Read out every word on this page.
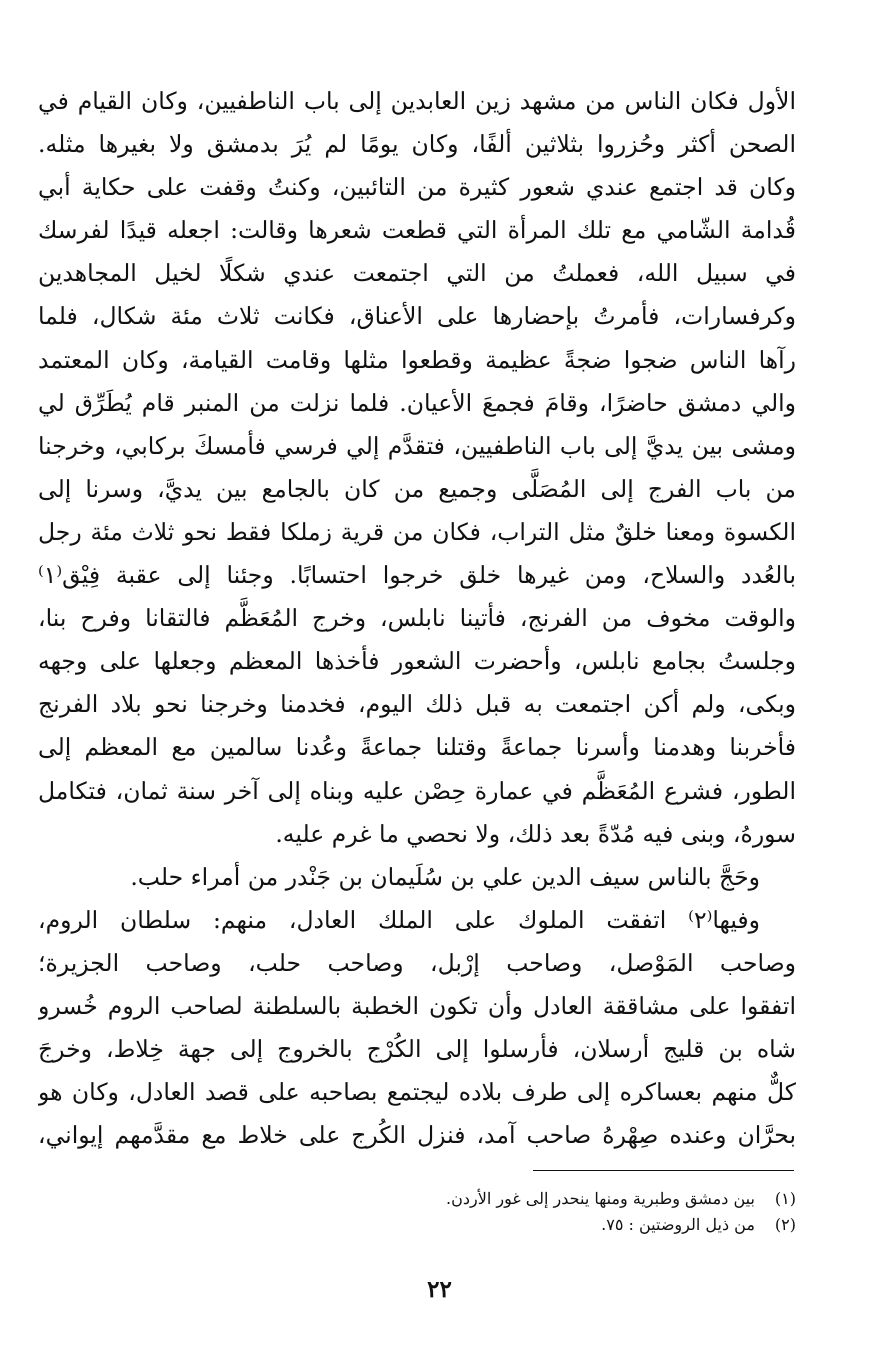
الأول فكان الناس من مشهد زين العابدين إلى باب الناطفيين، وكان القيام في
الصحن أكثر وحُزروا بثلاثين ألفًا، وكان يومًا لم يُرَ بدمشق ولا بغيرها مثله.
وكان قد اجتمع عندي شعور كثيرة من التائبين، وكنتُ وقفت على حكاية أبي
قُدامة الشّامي مع تلك المرأة التي قطعت شعرها وقالت: اجعله قيدًا لفرسك
في سبيل الله، فعملتُ من التي اجتمعت عندي شكلًا لخيل المجاهدين
وكرفسارات، فأمرتُ بإحضارها على الأعناق، فكانت ثلاث مئة شكال، فلما
رآها الناس ضجوا ضجةً عظيمة وقطعوا مثلها وقامت القيامة، وكان المعتمد
والي دمشق حاضرًا، وقامَ فجمعَ الأعيان. فلما نزلت من المنبر قام يُطَرِّق لي
ومشى بين يديَّ إلى باب الناطفيين، فتقدَّم إلي فرسي فأمسكَ بركابي، وخرجنا
من باب الفرج إلى المُصَلَّى وجميع من كان بالجامع بين يديَّ، وسرنا إلى
الكسوة ومعنا خلقٌ مثل التراب، فكان من قرية زملكا فقط نحو ثلاث مئة رجل
بالعُدد والسلاح، ومن غيرها خلق خرجوا احتسابًا. وجئنا إلى عقبة فِيْق⁽١⁾
والوقت مخوف من الفرنج، فأتينا نابلس، وخرج المُعَظَّم فالتقانا وفرح بنا،
وجلستُ بجامع نابلس، وأحضرت الشعور فأخذها المعظم وجعلها على وجهه
وبكى، ولم أكن اجتمعت به قبل ذلك اليوم، فخدمنا وخرجنا نحو بلاد الفرنج
فأخربنا وهدمنا وأسرنا جماعةً وقتلنا جماعةً وعُدنا سالمين مع المعظم إلى
الطور، فشرع المُعَظَّم في عمارة حِصْن عليه وبناه إلى آخر سنة ثمان، فتكامل
سورهُ، وبنى فيه مُدّةً بعد ذلك، ولا نحصي ما غرم عليه.
وحَجَّ بالناس سيف الدين علي بن سُلَيمان بن جَنْدر من أمراء حلب.
وفيها⁽٢⁾ اتفقت الملوك على الملك العادل، منهم: سلطان الروم،
وصاحب المَوْصل، وصاحب إرْبل، وصاحب حلب، وصاحب الجزيرة؛
اتفقوا على مشاققة العادل وأن تكون الخطبة بالسلطنة لصاحب الروم خُسرو
شاه بن قليج أرسلان، فأرسلوا إلى الكُرْج بالخروج إلى جهة خِلاط، وخرجَ
كلٌّ منهم بعساكره إلى طرف بلاده ليجتمع بصاحبه على قصد العادل، وكان هو
بحرَّان وعنده صِهْرهُ صاحب آمد، فنزل الكُرج على خلاط مع مقدَّمهم إيواني،
(١) بين دمشق وطبرية ومنها ينحدر إلى غور الأردن.
(٢) من ذيل الروضتين : ٧٥.
٢٢
